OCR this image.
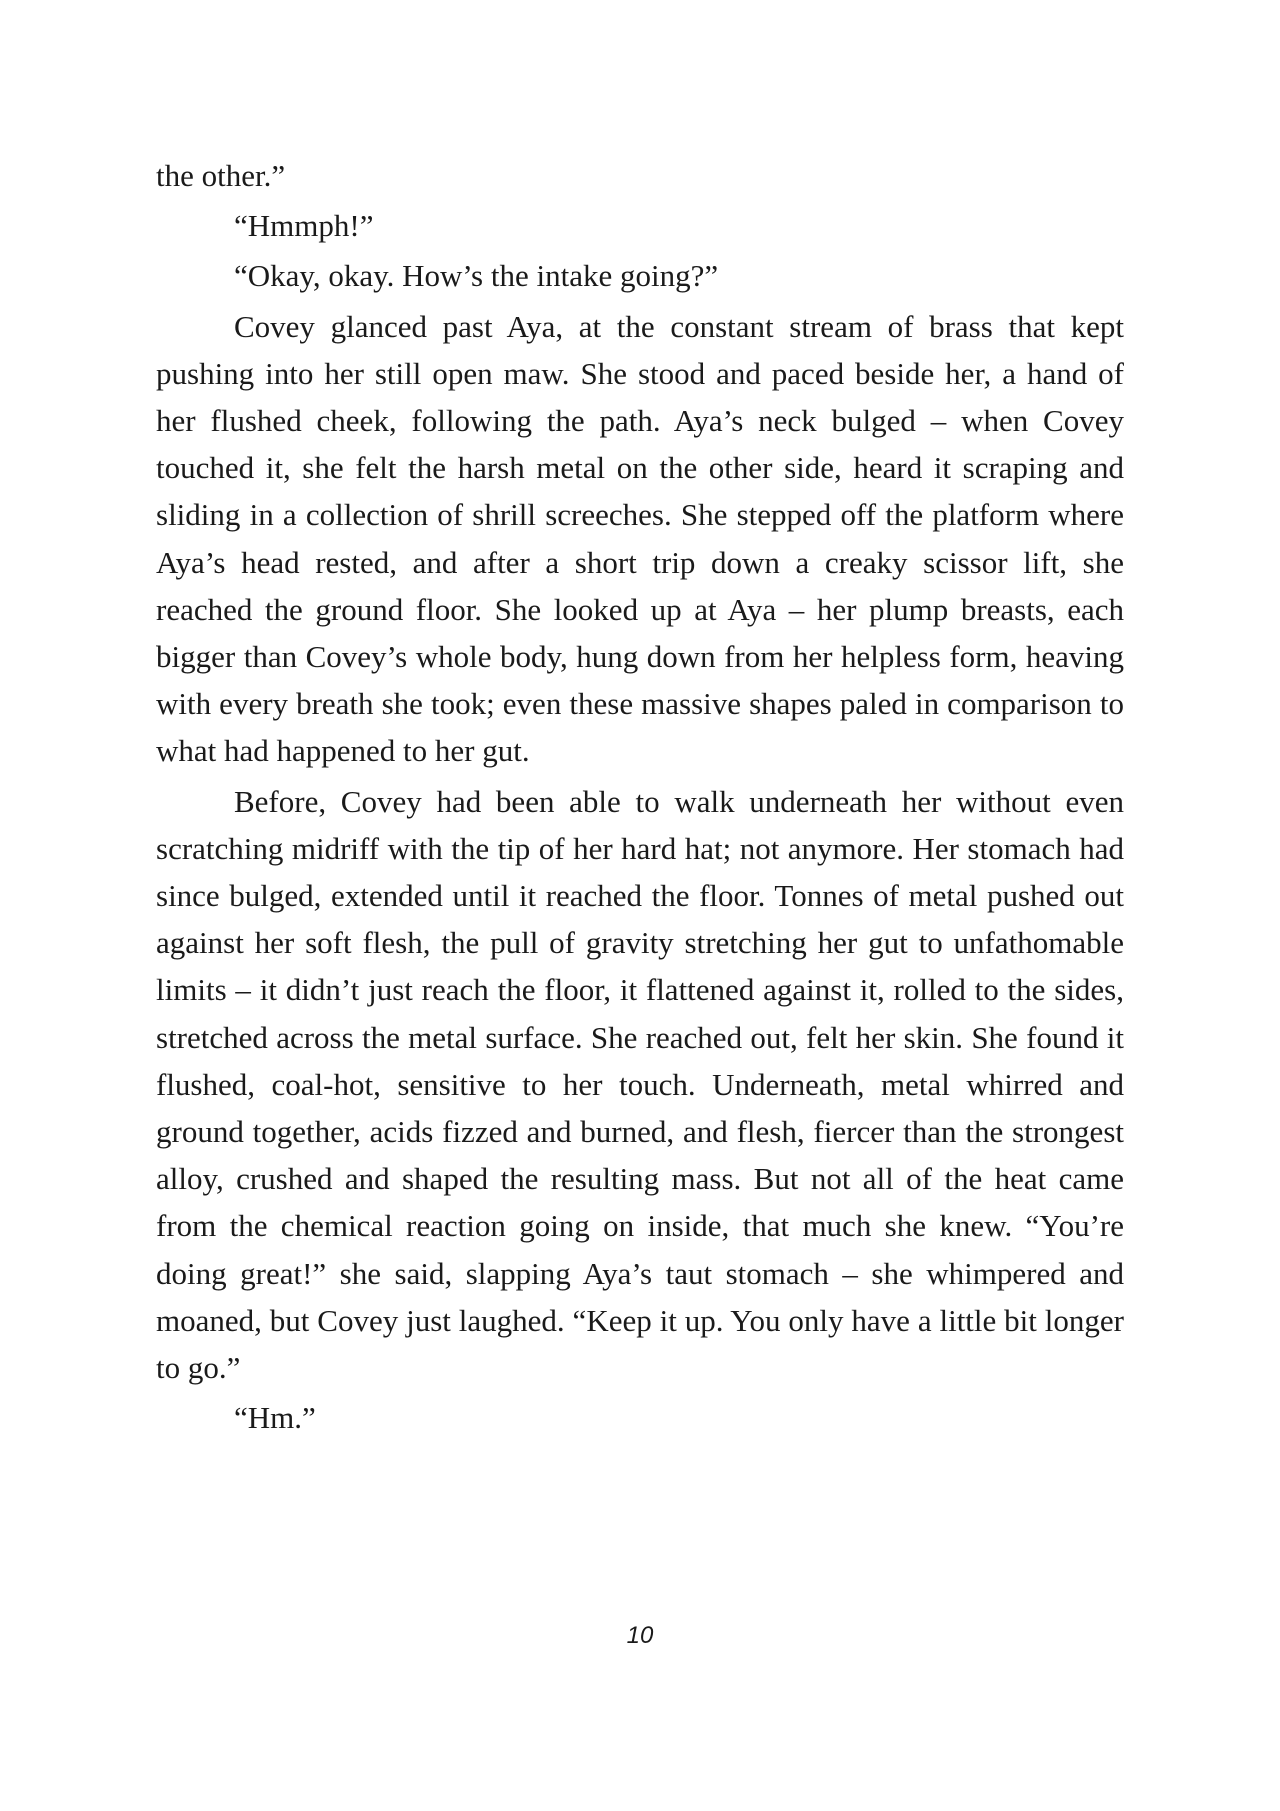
the other.”

“Hmmph!”

“Okay, okay. How’s the intake going?”

Covey glanced past Aya, at the constant stream of brass that kept pushing into her still open maw. She stood and paced beside her, a hand of her flushed cheek, following the path. Aya’s neck bulged – when Covey touched it, she felt the harsh metal on the other side, heard it scraping and sliding in a collection of shrill screeches. She stepped off the platform where Aya’s head rested, and after a short trip down a creaky scissor lift, she reached the ground floor. She looked up at Aya – her plump breasts, each bigger than Covey’s whole body, hung down from her helpless form, heaving with every breath she took; even these massive shapes paled in comparison to what had happened to her gut.

Before, Covey had been able to walk underneath her without even scratching midriff with the tip of her hard hat; not anymore. Her stomach had since bulged, extended until it reached the floor. Tonnes of metal pushed out against her soft flesh, the pull of gravity stretching her gut to unfathomable limits – it didn’t just reach the floor, it flattened against it, rolled to the sides, stretched across the metal surface. She reached out, felt her skin. She found it flushed, coal-hot, sensitive to her touch. Underneath, metal whirred and ground together, acids fizzed and burned, and flesh, fiercer than the strongest alloy, crushed and shaped the resulting mass. But not all of the heat came from the chemical reaction going on inside, that much she knew. “You’re doing great!” she said, slapping Aya’s taut stomach – she whimpered and moaned, but Covey just laughed. “Keep it up. You only have a little bit longer to go.”

“Hm.”

10
